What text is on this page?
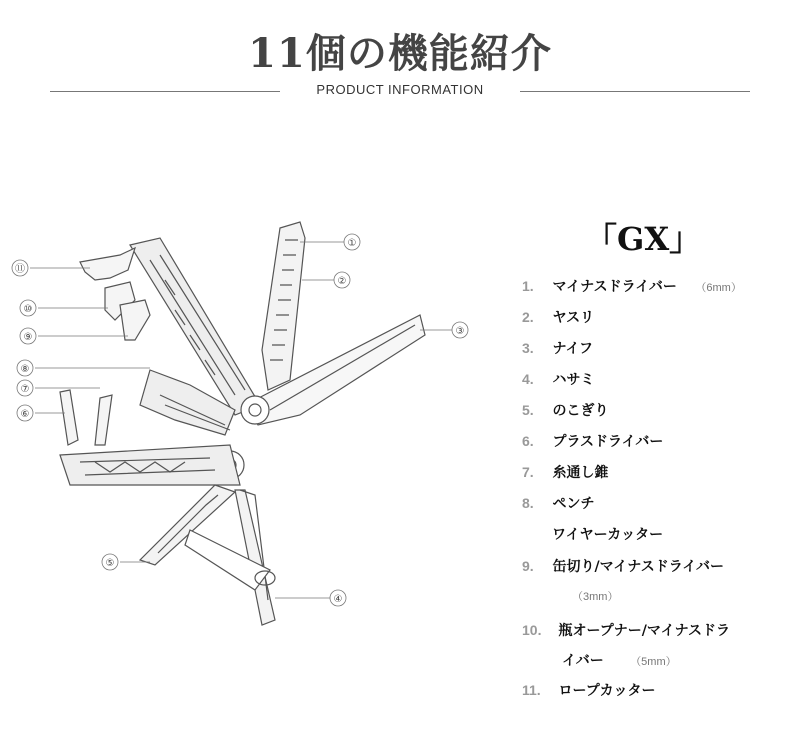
11個の機能紹介
PRODUCT INFORMATION
①
②
③
④
⑤
⑥
⑦
⑧
⑨
⑩
⑪
「GX」
1. マイナスドライバー （6mm）
2. ヤスリ
3. ナイフ
4. ハサミ
5. のこぎり
6. プラスドライバー
7. 糸通し錐
8. ペンチ
ワイヤーカッター
9. 缶切り/マイナスドライバー
（3mm）
10. 瓶オープナー/マイナスドラ
イバー （5mm）
11. ロープカッター
